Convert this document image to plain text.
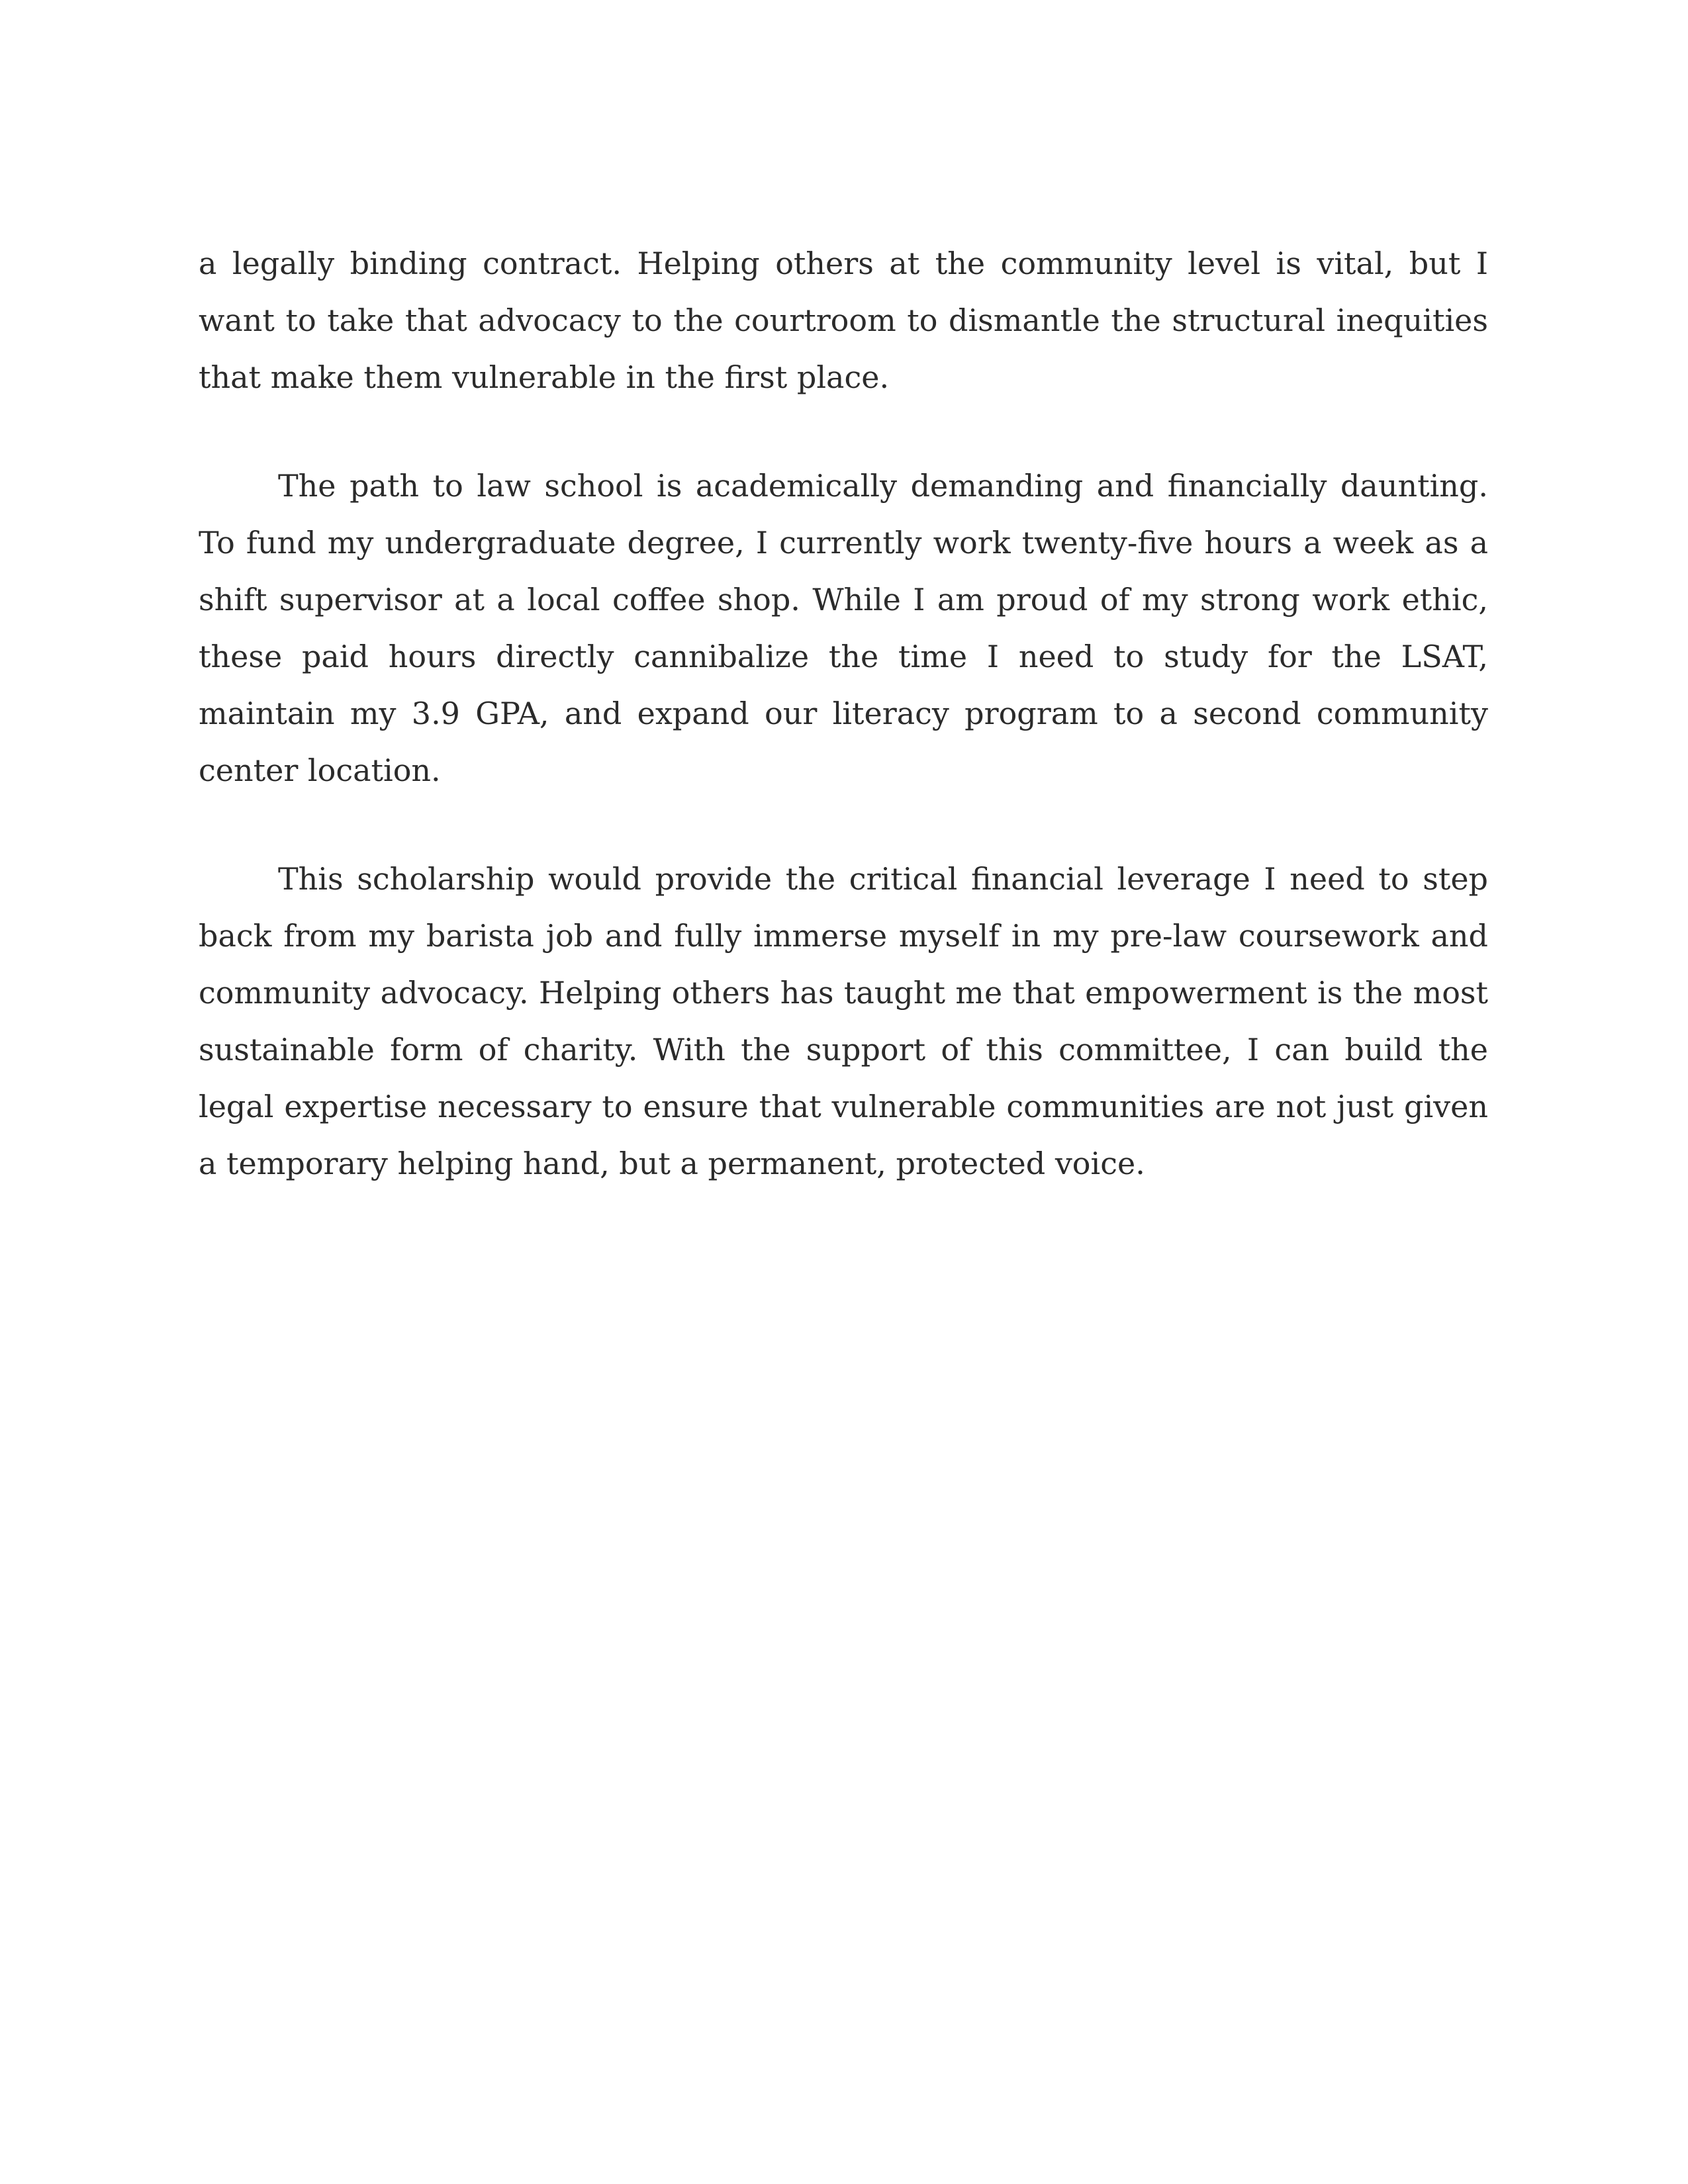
a legally binding contract. Helping others at the community level is vital, but I want to take that advocacy to the courtroom to dismantle the structural inequities that make them vulnerable in the first place.

The path to law school is academically demanding and financially daunting. To fund my undergraduate degree, I currently work twenty-five hours a week as a shift supervisor at a local coffee shop. While I am proud of my strong work ethic, these paid hours directly cannibalize the time I need to study for the LSAT, maintain my 3.9 GPA, and expand our literacy program to a second community center location.

This scholarship would provide the critical financial leverage I need to step back from my barista job and fully immerse myself in my pre-law coursework and community advocacy. Helping others has taught me that empowerment is the most sustainable form of charity. With the support of this committee, I can build the legal expertise necessary to ensure that vulnerable communities are not just given a temporary helping hand, but a permanent, protected voice.
